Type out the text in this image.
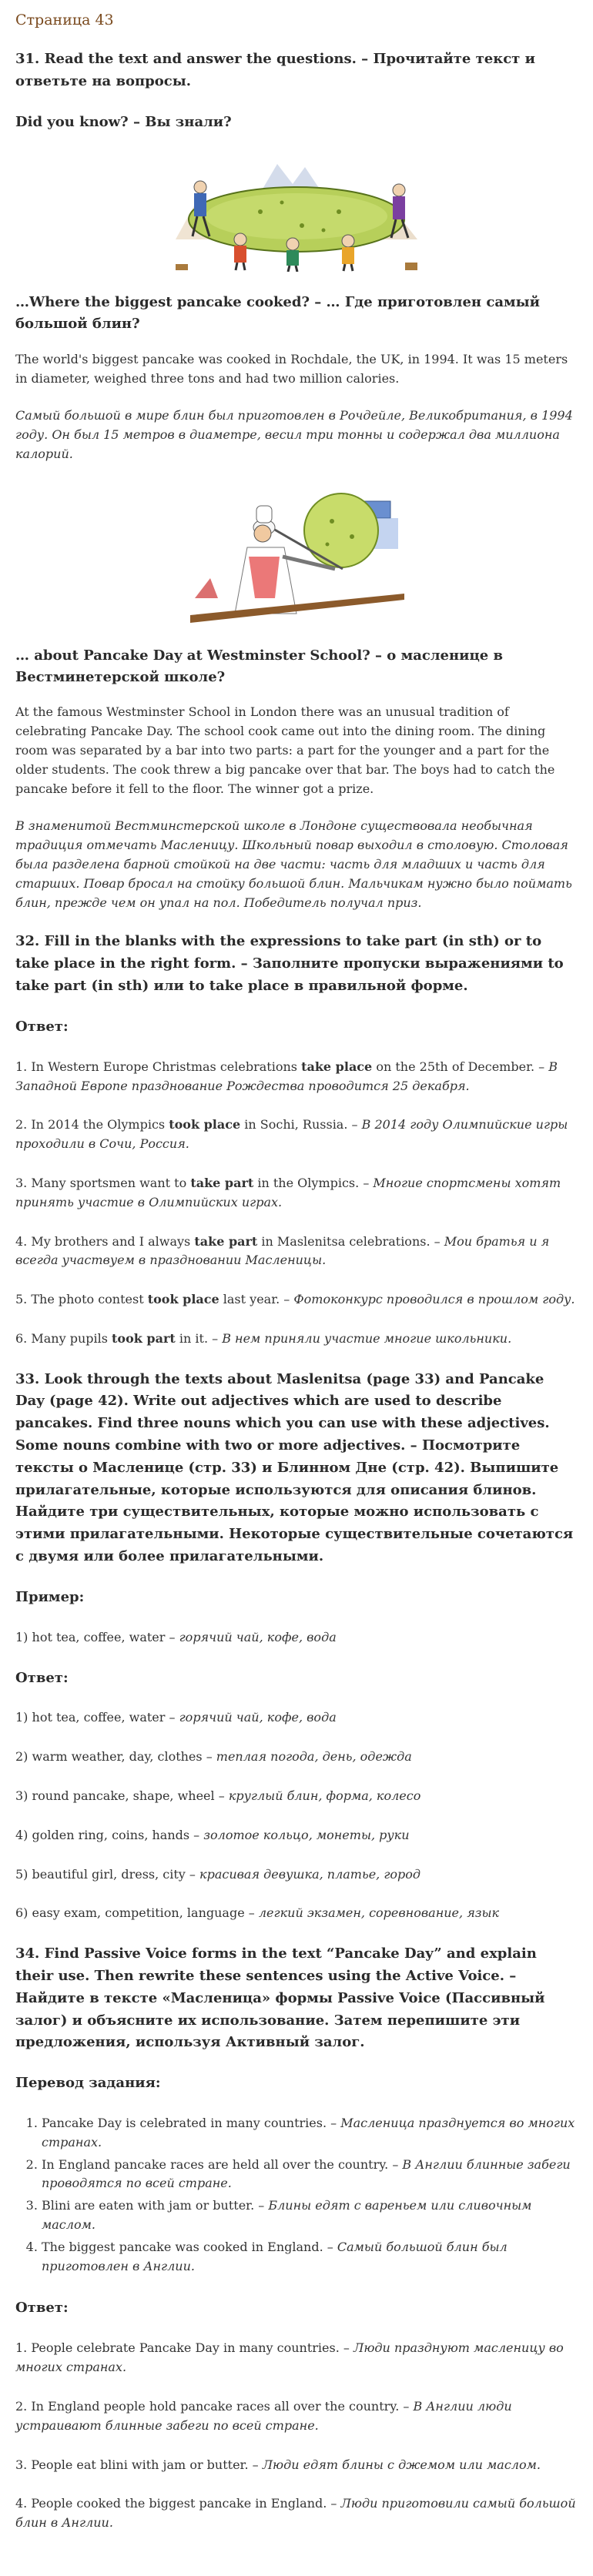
Страница 43
31. Read the text and answer the questions. – Прочитайте текст и ответьте на вопросы.
Did you know? – Вы знали?
…Where the biggest pancake cooked? – … Где приготовлен самый большой блин?

The world's biggest pancake was cooked in Rochdale, the UK, in 1994. It was 15 meters in diameter, weighed three tons and had two million calories.

Самый большой в мире блин был приготовлен в Рочдейле, Великобритания, в 1994 году. Он был 15 метров в диаметре, весил три тонны и содержал два миллиона калорий.

… about Pancake Day at Westminster School? – о масленице в Вестминетерской школе?

At the famous Westminster School in London there was an unusual tradition of celebrating Pancake Day. The school cook came out into the dining room. The dining room was separated by a bar into two parts: a part for the younger and a part for the older students. The cook threw a big pancake over that bar. The boys had to catch the pancake before it fell to the floor. The winner got a prize.

В знаменитой Вестминстерской школе в Лондоне существовала необычная традиция отмечать Масленицу. Школьный повар выходил в столовую. Столовая была разделена барной стойкой на две части: часть для младших и часть для старших. Повар бросал на стойку большой блин. Мальчикам нужно было поймать блин, прежде чем он упал на пол. Победитель получал приз.

32. Fill in the blanks with the expressions to take part (in sth) or to take place in the right form. – Заполните пропуски выражениями to take part (in sth) или to take place в правильной форме.
Ответ:
1. In Western Europe Christmas celebrations take place on the 25th of December. – В Западной Европе празднование Рождества проводится 25 декабря.
2. In 2014 the Olympics took place in Sochi, Russia. – В 2014 году Олимпийские игры проходили в Сочи, Россия.
3. Many sportsmen want to take part in the Olympics. – Многие спортсмены хотят принять участие в Олимпийских играх.
4. My brothers and I always take part in Maslenitsa celebrations. – Мои братья и я всегда участвуем в праздновании Масленицы.
5. The photo contest took place last year. – Фотоконкурс проводился в прошлом году.
6. Many pupils took part in it. – В нем приняли участие многие школьники.
33. Look through the texts about Maslenitsa (page 33) and Pancake Day (page 42). Write out adjectives which are used to describe pancakes. Find three nouns which you can use with these adjectives. Some nouns combine with two or more adjectives. – Посмотрите тексты о Масленице (стр. 33) и Блинном Дне (стр. 42). Выпишите прилагательные, которые используются для описания блинов. Найдите три существительных, которые можно использовать с этими прилагательными. Некоторые существительные сочетаются с двумя или более прилагательными.
Пример:
1) hot tea, coffee, water – горячий чай, кофе, вода
Ответ:
1) hot tea, coffee, water – горячий чай, кофе, вода
2) warm weather, day, clothes – теплая погода, день, одежда
3) round pancake, shape, wheel – круглый блин, форма, колесо
4) golden ring, coins, hands – золотое кольцо, монеты, руки
5) beautiful girl, dress, city – красивая девушка, платье, город
6) easy exam, competition, language – легкий экзамен, соревнование, язык
34. Find Passive Voice forms in the text “Pancake Day” and explain their use. Then rewrite these sentences using the Active Voice. – Найдите в тексте «Масленица» формы Passive Voice (Пассивный залог) и объясните их использование. Затем перепишите эти предложения, используя Активный залог.
Перевод задания:
1. Pancake Day is celebrated in many countries. – Масленица празднуется во многих странах.
2. In England pancake races are held all over the country. – В Англии блинные забеги проводятся по всей стране.
3. Blini are eaten with jam or butter. – Блины едят с вареньем или сливочным маслом.
4. The biggest pancake was cooked in England. – Самый большой блин был приготовлен в Англии.
Ответ:
1. People celebrate Pancake Day in many countries. – Люди празднуют масленицу во многих странах.
2. In England people hold pancake races all over the country. – В Англии люди устраивают блинные забеги по всей стране.
3. People eat blini with jam or butter. – Люди едят блины с джемом или маслом.
4. People cooked the biggest pancake in England. – Люди приготовили самый большой блин в Англии.
